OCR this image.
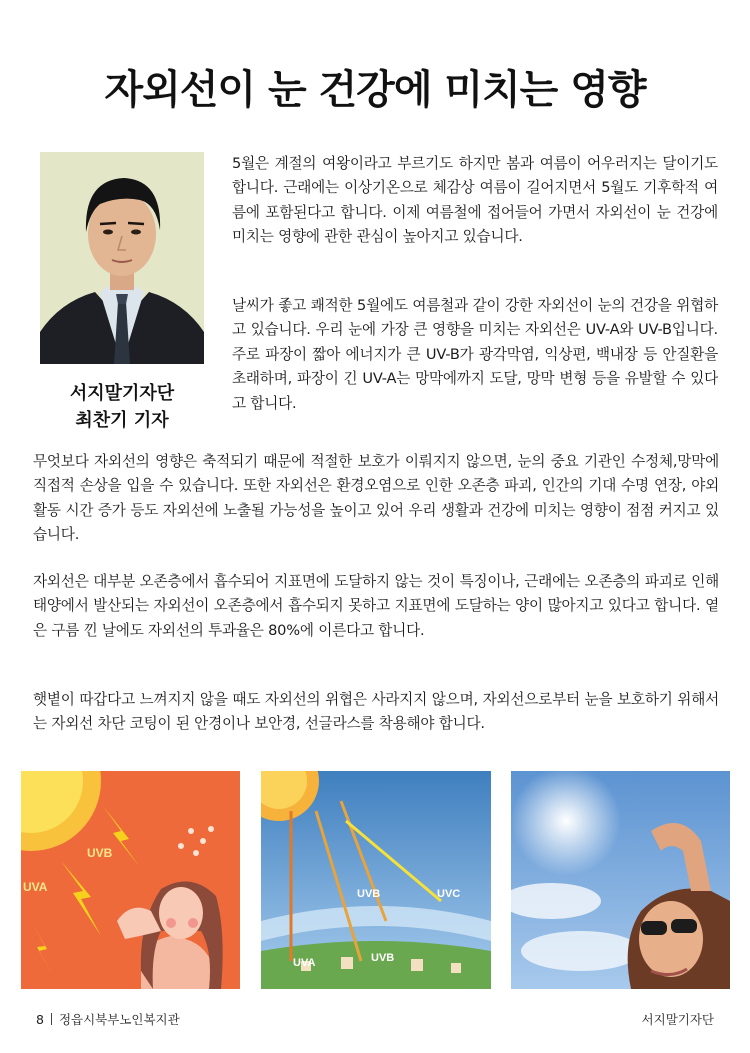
자외선이 눈 건강에 미치는 영향
서지말기자단
최찬기 기자

5월은 계절의 여왕이라고 부르기도 하지만 봄과 여름이 어우러지는 달이기도 합니다. 근래에는 이상기온으로 체감상 여름이 길어지면서 5월도 기후학적 여름에 포함된다고 합니다. 이제 여름철에 접어들어 가면서 자외선이 눈 건강에 미치는 영향에 관한 관심이 높아지고 있습니다.

날씨가 좋고 쾌적한 5월에도 여름철과 같이 강한 자외선이 눈의 건강을 위협하고 있습니다. 우리 눈에 가장 큰 영향을 미치는 자외선은 UV-A와 UV-B입니다. 주로 파장이 짧아 에너지가 큰 UV-B가 광각막염, 익상편, 백내장 등 안질환을 초래하며, 파장이 긴 UV-A는 망막에까지 도달, 망막 변형 등을 유발할 수 있다고 합니다.

무엇보다 자외선의 영향은 축적되기 때문에 적절한 보호가 이뤄지지 않으면, 눈의 중요 기관인 수정체,망막에 직접적 손상을 입을 수 있습니다. 또한 자외선은 환경오염으로 인한 오존층 파괴, 인간의 기대 수명 연장, 야외활동 시간 증가 등도 자외선에 노출될 가능성을 높이고 있어 우리 생활과 건강에 미치는 영향이 점점 커지고 있습니다.

자외선은 대부분 오존층에서 흡수되어 지표면에 도달하지 않는 것이 특징이나, 근래에는 오존층의 파괴로 인해 태양에서 발산되는 자외선이 오존층에서 흡수되지 못하고 지표면에 도달하는 양이 많아지고 있다고 합니다. 옅은 구름 낀 날에도 자외선의 투과율은 80%에 이른다고 합니다.

햇볕이 따갑다고 느껴지지 않을 때도 자외선의 위협은 사라지지 않으며, 자외선으로부터 눈을 보호하기 위해서는 자외선 차단 코팅이 된 안경이나 보안경, 선글라스를 착용해야 합니다.

UVB
UVA	UVB	UVC
UVA	UVB
8 정읍시북부노인복지관	서지말기자단
